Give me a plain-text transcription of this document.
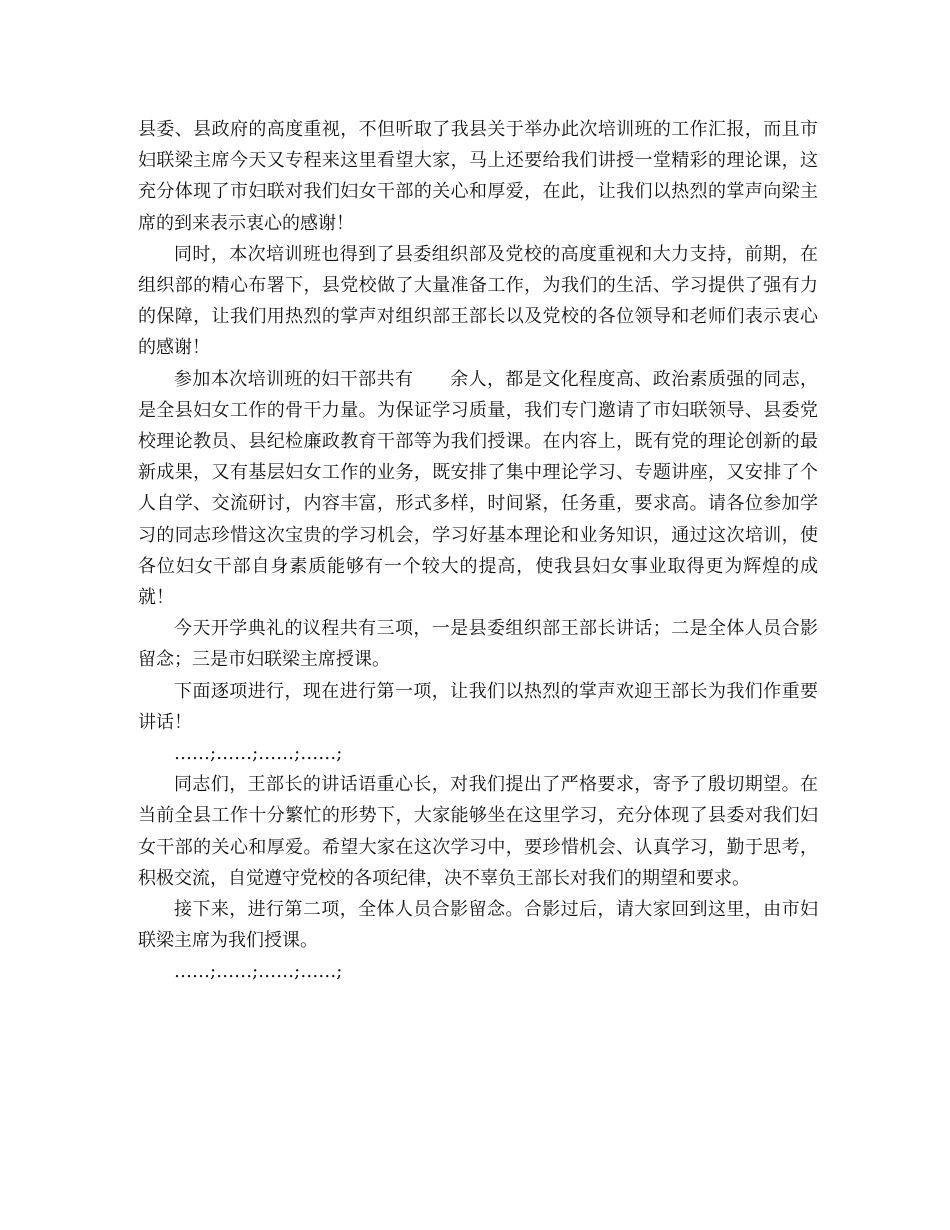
县委、县政府的高度重视，不但听取了我县关于举办此次培训班的工作汇报，而且市妇联梁主席今天又专程来这里看望大家，马上还要给我们讲授一堂精彩的理论课，这充分体现了市妇联对我们妇女干部的关心和厚爱，在此，让我们以热烈的掌声向梁主席的到来表示衷心的感谢！

同时，本次培训班也得到了县委组织部及党校的高度重视和大力支持，前期，在组织部的精心布署下，县党校做了大量准备工作，为我们的生活、学习提供了强有力的保障，让我们用热烈的掌声对组织部王部长以及党校的各位领导和老师们表示衷心的感谢！

参加本次培训班的妇干部共有　　余人，都是文化程度高、政治素质强的同志，是全县妇女工作的骨干力量。为保证学习质量，我们专门邀请了市妇联领导、县委党校理论教员、县纪检廉政教育干部等为我们授课。在内容上，既有党的理论创新的最新成果，又有基层妇女工作的业务，既安排了集中理论学习、专题讲座，又安排了个人自学、交流研讨，内容丰富，形式多样，时间紧，任务重，要求高。请各位参加学习的同志珍惜这次宝贵的学习机会，学习好基本理论和业务知识，通过这次培训，使各位妇女干部自身素质能够有一个较大的提高，使我县妇女事业取得更为辉煌的成就！

今天开学典礼的议程共有三项，一是县委组织部王部长讲话；二是全体人员合影留念；三是市妇联梁主席授课。

下面逐项进行，现在进行第一项，让我们以热烈的掌声欢迎王部长为我们作重要讲话！

……;……;……;……;

同志们，王部长的讲话语重心长，对我们提出了严格要求，寄予了殷切期望。在当前全县工作十分繁忙的形势下，大家能够坐在这里学习，充分体现了县委对我们妇女干部的关心和厚爱。希望大家在这次学习中，要珍惜机会、认真学习，勤于思考，积极交流，自觉遵守党校的各项纪律，决不辜负王部长对我们的期望和要求。

接下来，进行第二项，全体人员合影留念。合影过后，请大家回到这里，由市妇联梁主席为我们授课。

……;……;……;……;
